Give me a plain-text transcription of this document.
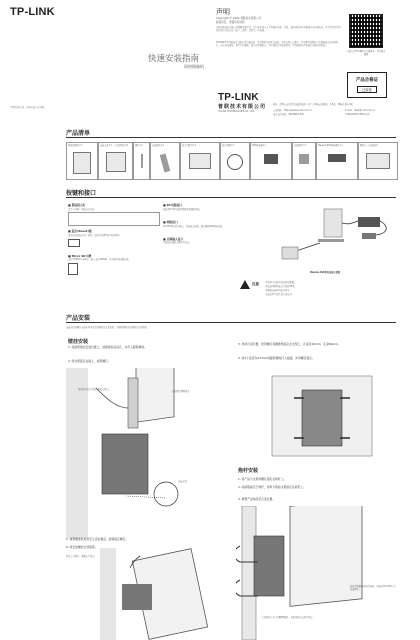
TP-LINK
快速安装指南
网络摄像机
*本图仅作示意，请以实际产品为准。
声明
Copyright © 2022 普联技术有限公司
版权所有，保留所有权利
未经普联技术有限公司明确书面许可，任何单位或个人不得擅自仿制、复制、誊抄或转译本手册部分或全部内容，且不得以营利为目的进行任何方式（电子、影印、录制等）的传播。
TP-LINK®为普联技术有限公司注册商标。本手册提及的所有商标，由各自所有人拥有。本手册所提到的产品规格和资讯仅供参考，如有内容更新，恕不另行通知。除非有特殊约定，本手册仅作为使用指导，所作陈述均不构成任何形式的担保。
扫码关注TP-LINK官方服务号，享受更多服务
TP-LINK
产品合格证
已检验
普联技术有限公司
TP-LINK TECHNOLOGIES CO., LTD.
地址：深圳市南山区深南路科技园工业厂房24栋南段1层、3-5层、28栋北段1-4层
公司网址：http://www.tp-link.com.cn	E-mail：fae@tp-link.com.cn
技术支持热线：400-8863-400	7106505151 REV1.0.0
产品清单
网络摄像机×1	安装支架×1，产品说明书×1	螺钉×2	安装贴纸×1	防水罩配件×1	防水胶圈×1	PoE供电器×1	安装配件×1	Passive PoE供电模块×1	螺钉包（可选配件）
按键和接口
■ 系统指示灯
常亮 / 闪烁：系统运行状态
■ 复位(Reset)键
用于将设备恢复出厂设置，长按复位键5秒后松开即可。
■ Micro SD卡槽
支持TF(Micro SD)卡，最大支持256GB，可实现本地录像存储。
■ DC电源接口
连接12V DC电源适配器为摄像机供电。
■ 网络接口
10/100M自适应网口，可连接交换机、路由器或PoE供电设备。
■ 音频输入接口
可连接外部拾音器进行录音。
Passive PoE供电连接示意图
注意 · 请使用产品附带的电源适配器。
· 建议使用网线长度不超过80米。
· 请确保安装环境防水防尘。
· 安装过程中请注意人身安全。
产品安装
安装前请先确认安装位置可承受摄像机及支架重量，并确保网线及电源线已布置到位。
壁挂安装
1. 将贴纸贴在安装位置上，按贴纸标识钻孔，并打入膨胀螺栓。
2. 将支架固定在墙上，旋紧螺钉。
3. 选择合适位置，使用螺钉将摄像机固定在支架上，孔直径10mm，孔深60mm。
4. 将4个直径为6.5mm的膨胀螺栓打入墙面，并用螺钉固定。
网线穿过防水罩配件再接入网口。
拧松螺钉调整角度
安装支架
5. 调整摄像机角度至合适位置后，旋紧固定螺钉。
6. 将安装螺栓全部旋紧。
打松上下螺钉，调整水平角度。
抱杆安装
1. 将产品与支架用螺钉固定在抱杆上。
2. 将抱箍固定于抱杆，使用卡箍将支架固定在抱杆上。
3. 调整产品角度至合适位置。
抱箍需根据抱杆直径选择，可通过TP-LINK官方渠道购买。
在抱杆处上打入4颗M4螺钉，将抱箍穿过支架并固定。
